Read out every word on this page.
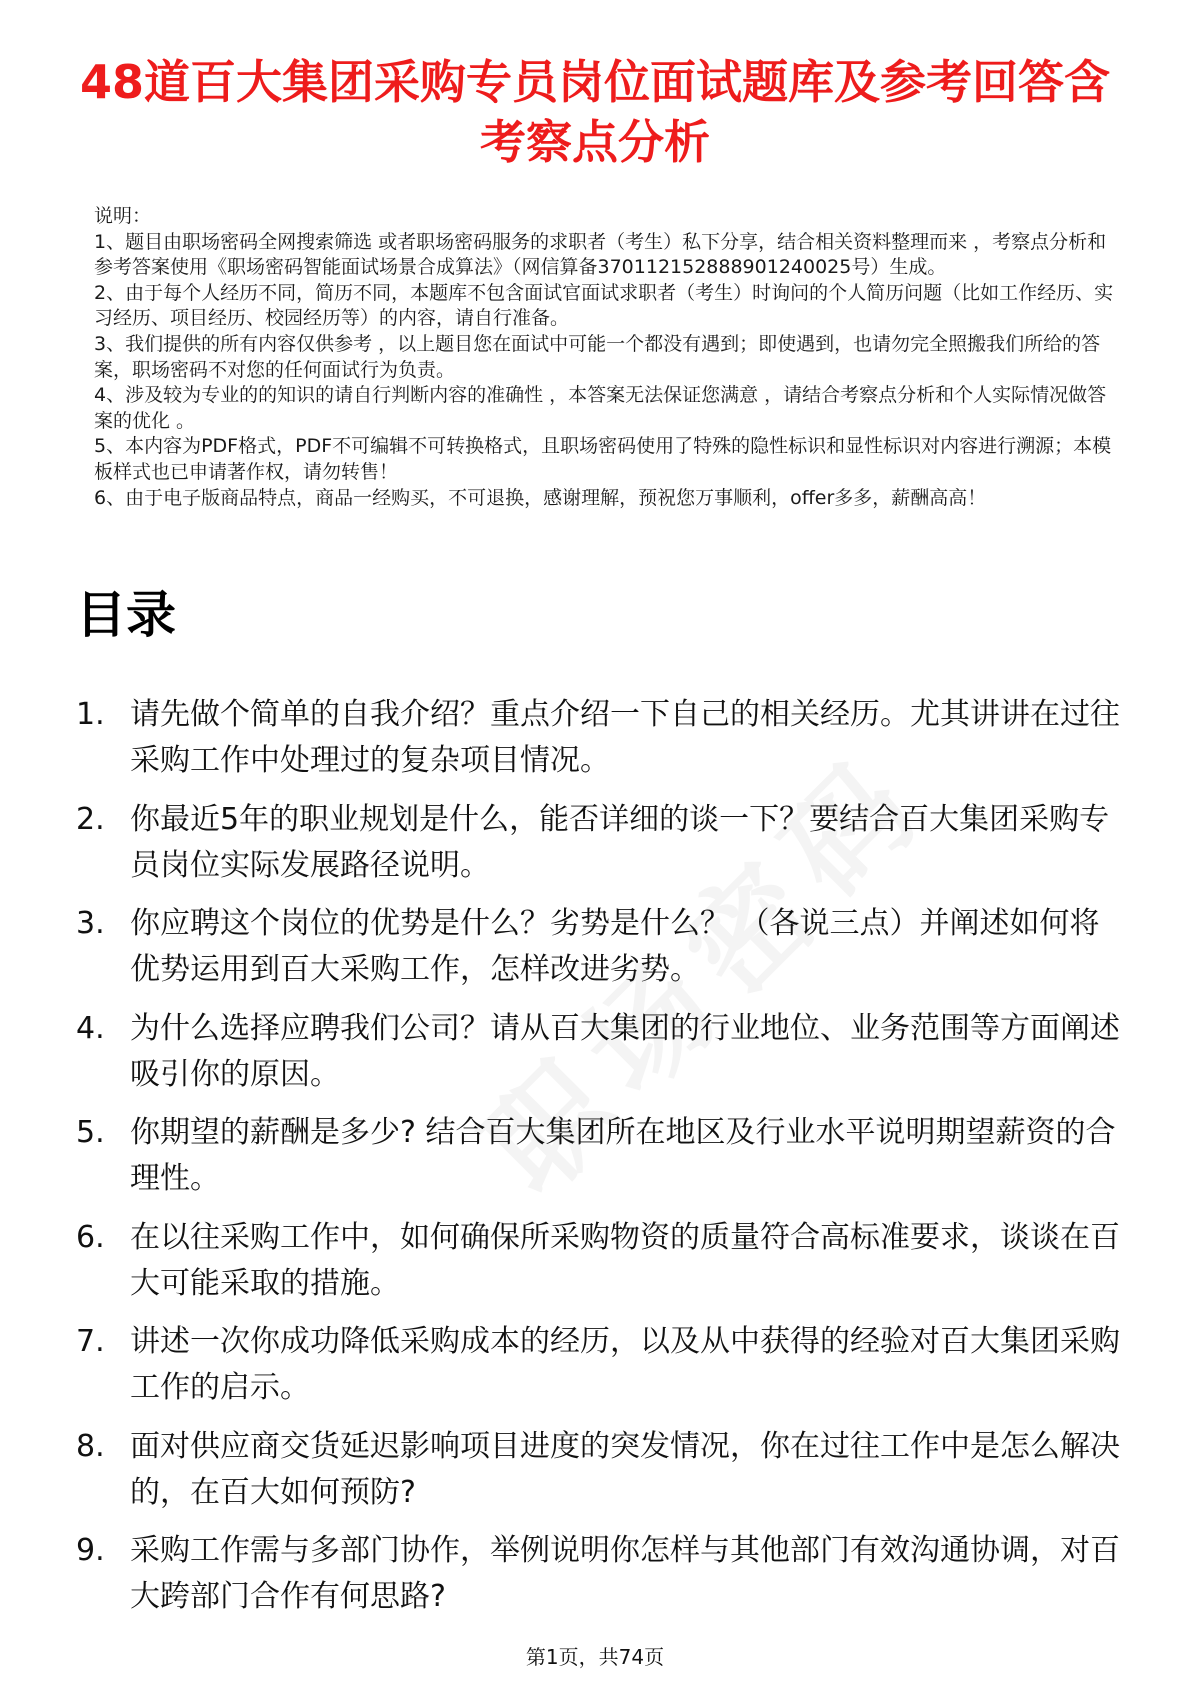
48道百大集团采购专员岗位面试题库及参考回答含考察点分析

说明：

1、题目由职场密码全网搜索筛选 或者职场密码服务的求职者（考生）私下分享，结合相关资料整理而来 ，考察点分析和参考答案使用《职场密码智能面试场景合成算法》（网信算备370112152888901240025号）生成。

2、由于每个人经历不同，简历不同，本题库不包含面试官面试求职者（考生）时询问的个人简历问题（比如工作经历、实习经历、项目经历、校园经历等）的内容，请自行准备。

3、我们提供的所有内容仅供参考 ，以上题目您在面试中可能一个都没有遇到；即使遇到，也请勿完全照搬我们所给的答案，职场密码不对您的任何面试行为负责。

4、涉及较为专业的的知识的请自行判断内容的准确性 ，本答案无法保证您满意 ，请结合考察点分析和个人实际情况做答案的优化 。

5、本内容为PDF格式，PDF不可编辑不可转换格式，且职场密码使用了特殊的隐性标识和显性标识对内容进行溯源；本模板样式也已申请著作权，请勿转售！

6、由于电子版商品特点，商品一经购买，不可退换，感谢理解，预祝您万事顺利，offer多多，薪酬高高！

目录
1. 请先做个简单的自我介绍？重点介绍一下自己的相关经历。尤其讲讲在过往采购工作中处理过的复杂项目情况。
2. 你最近5年的职业规划是什么，能否详细的谈一下？要结合百大集团采购专员岗位实际发展路径说明。
3. 你应聘这个岗位的优势是什么？劣势是什么？ （各说三点）并阐述如何将优势运用到百大采购工作，怎样改进劣势。
4. 为什么选择应聘我们公司？请从百大集团的行业地位、业务范围等方面阐述吸引你的原因。
5. 你期望的薪酬是多少? 结合百大集团所在地区及行业水平说明期望薪资的合理性。
6. 在以往采购工作中，如何确保所采购物资的质量符合高标准要求，谈谈在百大可能采取的措施。
7. 讲述一次你成功降低采购成本的经历，以及从中获得的经验对百大集团采购工作的启示。
8. 面对供应商交货延迟影响项目进度的突发情况，你在过往工作中是怎么解决的，在百大如何预防?
9. 采购工作需与多部门协作，举例说明你怎样与其他部门有效沟通协调，对百大跨部门合作有何思路?
第1页，共74页
